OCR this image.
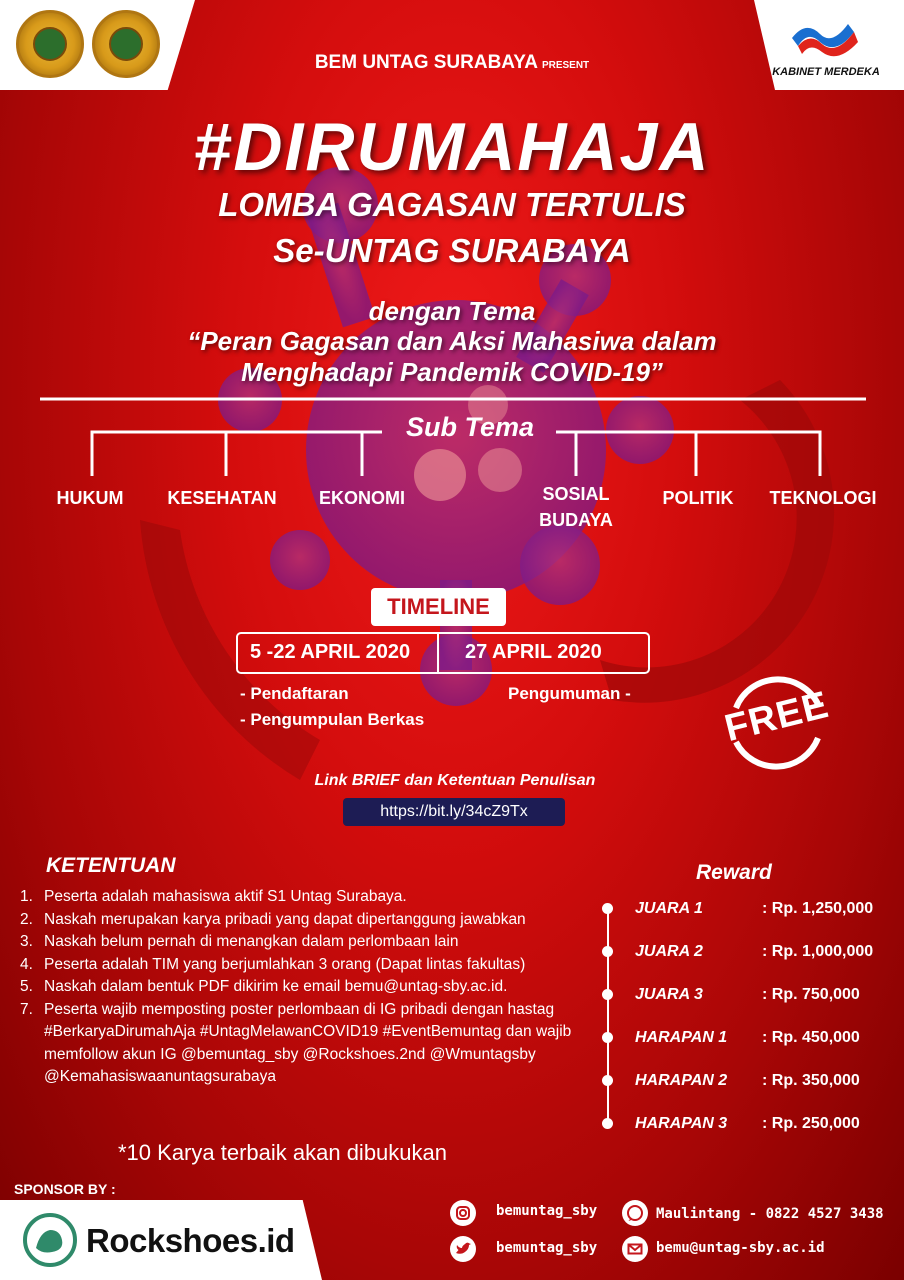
KABINET MERDEKA
BEM UNTAG SURABAYA PRESENT
#DIRUMAHAJA
LOMBA GAGASAN TERTULIS
Se-UNTAG SURABAYA
dengan Tema
“Peran Gagasan dan Aksi Mahasiwa dalam
Menghadapi Pandemik COVID-19”
Sub Tema
HUKUM	KESEHATAN	EKONOMI	SOSIAL
BUDAYA
POLITIK	TEKNOLOGI
TIMELINE
5 -22 APRIL 2020	27 APRIL 2020
- Pendaftaran
- Pengumpulan Berkas
Pengumuman -	FREE
Link BRIEF dan Ketentuan Penulisan
https://bit.ly/34cZ9Tx
KETENTUAN
1. Peserta adalah mahasiswa aktif S1 Untag Surabaya.
2. Naskah merupakan karya pribadi yang dapat dipertanggung jawabkan
3. Naskah belum pernah di menangkan dalam perlombaan lain
4. Peserta adalah TIM yang berjumlahkan 3 orang (Dapat lintas fakultas)
5. Naskah dalam bentuk PDF dikirim ke email bemu@untag-sby.ac.id.
7. Peserta wajib memposting poster perlombaan di IG pribadi dengan hastag #BerkaryaDirumahAja #UntagMelawanCOVID19 #EventBemuntag dan wajib memfollow akun IG @bemuntag_sby @Rockshoes.2nd @Wmuntagsby @Kemahasiswaanuntagsurabaya
Reward
JUARA 1	: Rp. 1,250,000
JUARA 2	: Rp. 1,000,000
JUARA 3	: Rp. 750,000
HARAPAN 1 : Rp. 450,000
HARAPAN 2 : Rp. 350,000
HARAPAN 3 : Rp. 250,000
*10 Karya terbaik akan dibukukan
SPONSOR BY :
Rockshoes.id
bemuntag_sby
bemuntag_sby
Maulintang - 0822 4527 3438
bemu@untag-sby.ac.id
